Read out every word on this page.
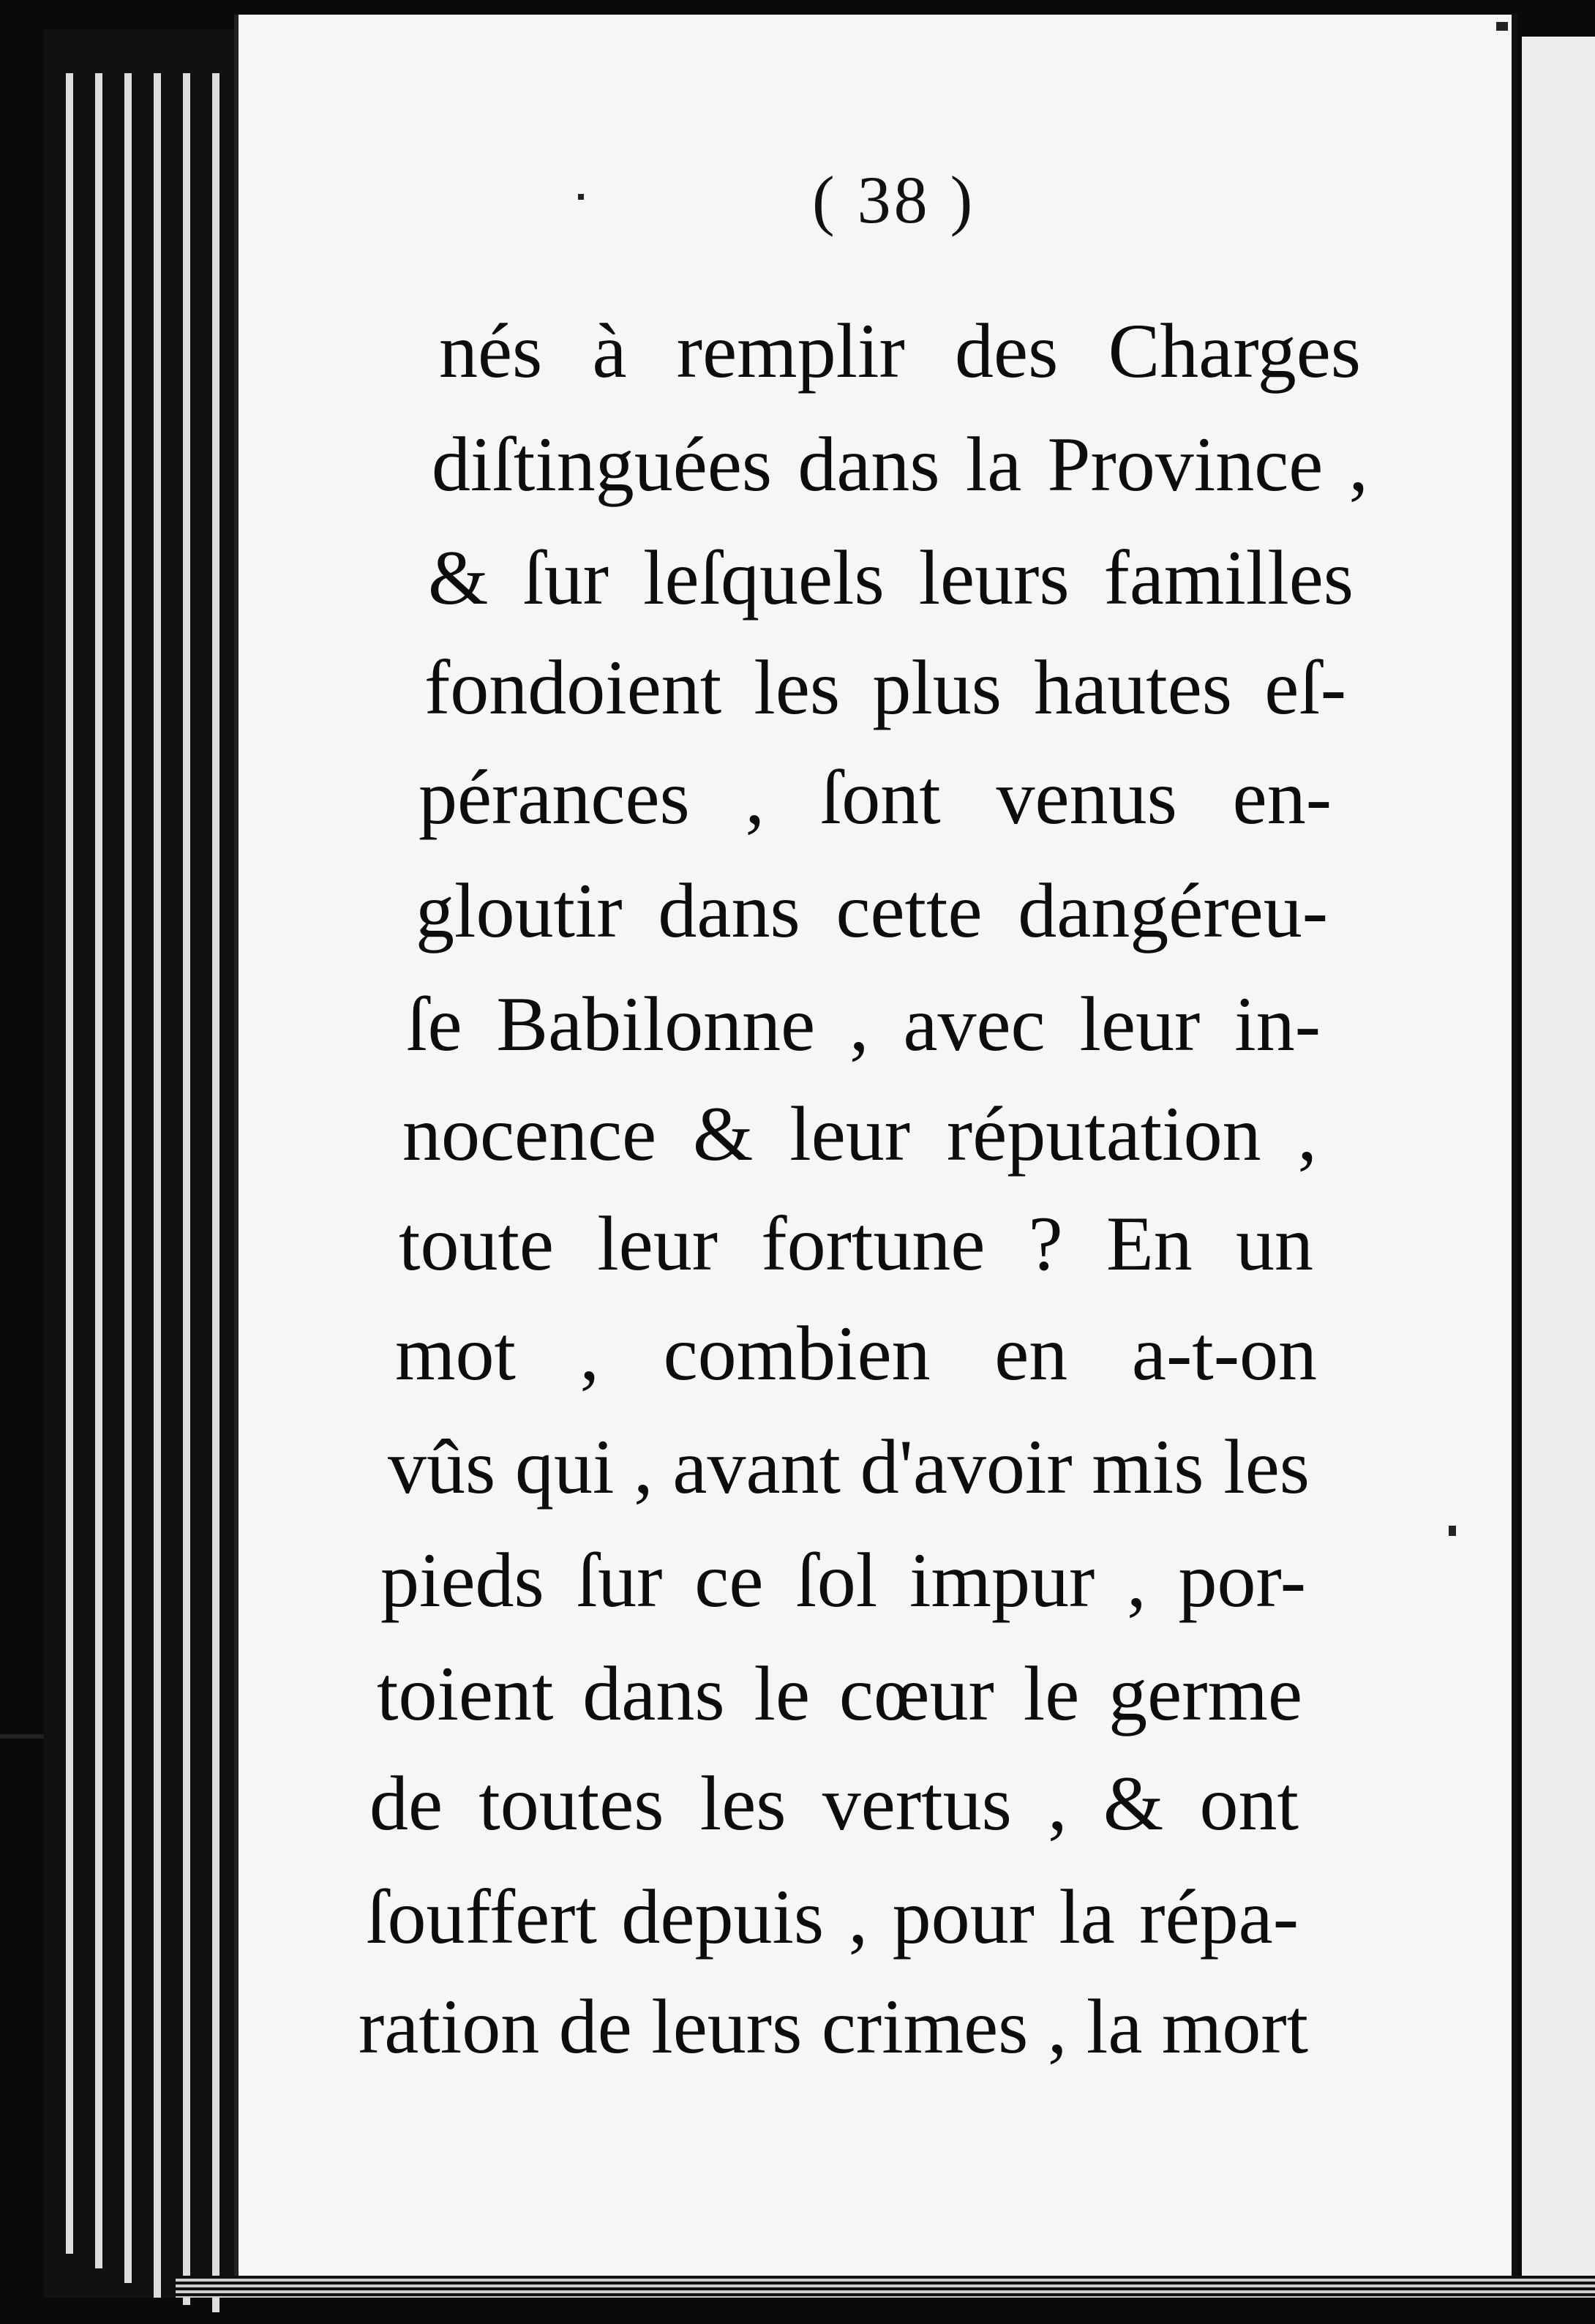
( 38 )
nés à remplir des Charges
diſtinguées dans la Province ,
& ſur leſquels leurs familles
fondoient les plus hautes eſ-
pérances , ſont venus en-
gloutir dans cette dangéreu-
ſe Babilonne , avec leur in-
nocence & leur réputation ,
toute leur fortune ? En un
mot , combien en a-t-on
vûs qui , avant d'avoir mis les
pieds ſur ce ſol impur , por-
toient dans le cœur le germe
de toutes les vertus , & ont
ſouffert depuis , pour la répa-
ration de leurs crimes , la mort
